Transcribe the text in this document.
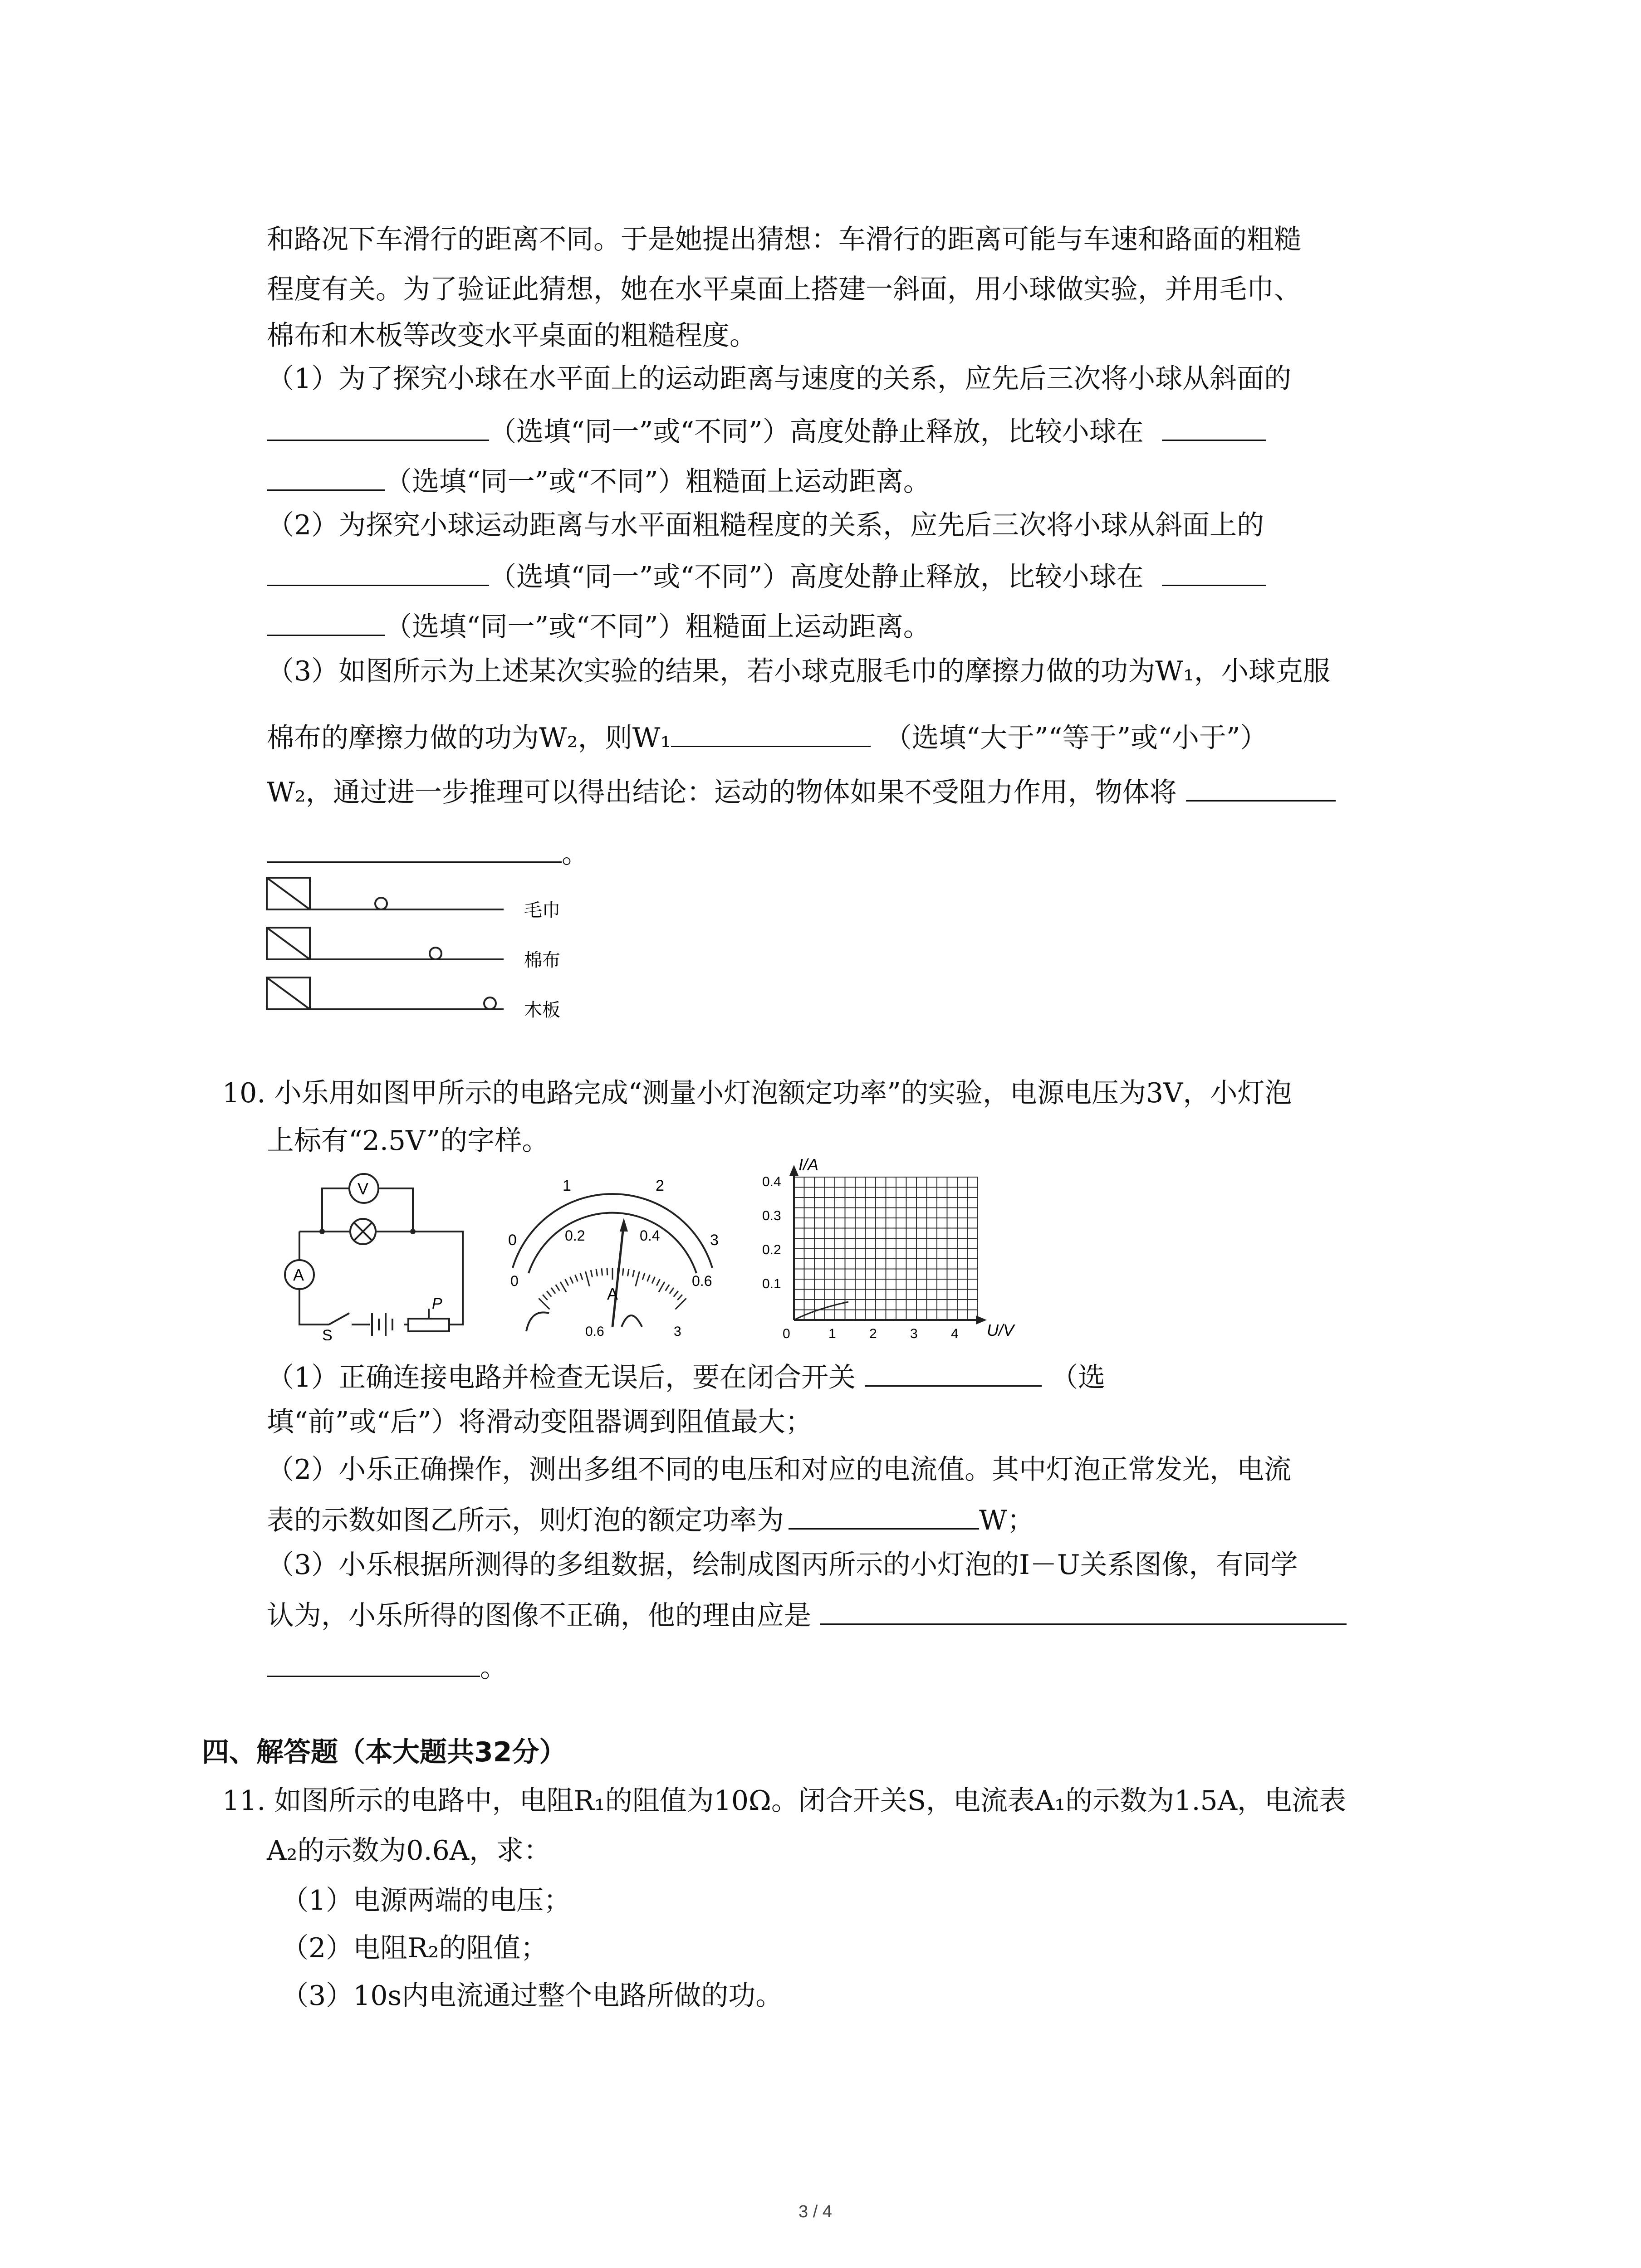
和路况下车滑行的距离不同。于是她提出猜想：车滑行的距离可能与车速和路面的粗糙
程度有关。为了验证此猜想，她在水平桌面上搭建一斜面，用小球做实验，并用毛巾、
棉布和木板等改变水平桌面的粗糙程度。
（1）为了探究小球在水平面上的运动距离与速度的关系，应先后三次将小球从斜面的
（选填“同一”或“不同”）高度处静止释放，比较小球在
（选填“同一”或“不同”）粗糙面上运动距离。
（2）为探究小球运动距离与水平面粗糙程度的关系，应先后三次将小球从斜面上的
（选填“同一”或“不同”）高度处静止释放，比较小球在
（选填“同一”或“不同”）粗糙面上运动距离。
（3）如图所示为上述某次实验的结果，若小球克服毛巾的摩擦力做的功为W₁，小球克服
棉布的摩擦力做的功为W₂，则W₁	（选填“大于”“等于”或“小于”）
W₂，通过进一步推理可以得出结论：运动的物体如果不受阻力作用，物体将
。
毛巾
棉布
木板
10. 小乐用如图甲所示的电路完成“测量小灯泡额定功率”的实验，电源电压为3V，小灯泡
上标有“2.5V”的字样。
V
A
S
P
0
1	2
3
0
0.2	0.4
0.6
A
0.6	3
I/A
U/V
0.4
0.3
0.2
0.1
0	1 2 3 4
（1）正确连接电路并检查无误后，要在闭合开关	（选
填“前”或“后”）将滑动变阻器调到阻值最大；
（2）小乐正确操作，测出多组不同的电压和对应的电流值。其中灯泡正常发光，电流
表的示数如图乙所示，则灯泡的额定功率为	W；
（3）小乐根据所测得的多组数据，绘制成图丙所示的小灯泡的I－U关系图像，有同学
认为，小乐所得的图像不正确，他的理由应是
。
四、解答题（本大题共32分）
11. 如图所示的电路中，电阻R₁的阻值为10Ω。闭合开关S，电流表A₁的示数为1.5A，电流表
A₂的示数为0.6A，求：
（1）电源两端的电压；
（2）电阻R₂的阻值；
（3）10s内电流通过整个电路所做的功。
3 / 4
